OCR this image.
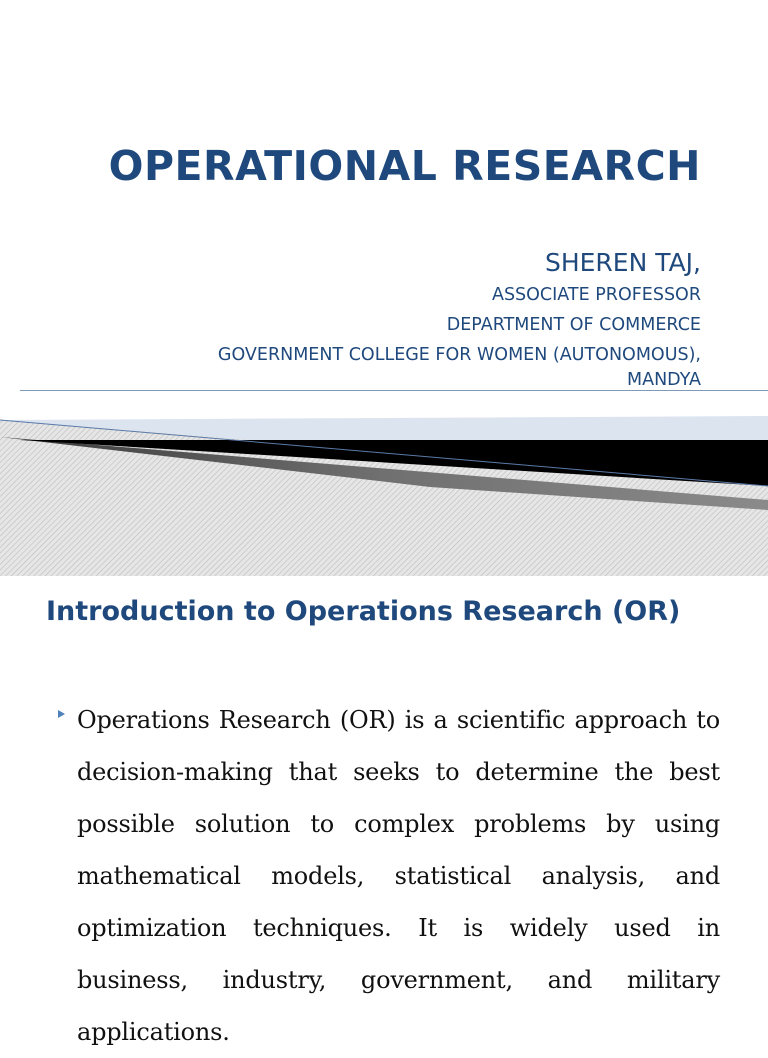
OPERATIONAL RESEARCH
SHEREN TAJ,
ASSOCIATE PROFESSOR
DEPARTMENT OF COMMERCE
GOVERNMENT COLLEGE FOR WOMEN (AUTONOMOUS),
MANDYA
Introduction to Operations Research (OR)

Operations Research (OR) is a scientific approach to decision-making that seeks to determine the best possible solution to complex problems by using mathematical models, statistical analysis, and optimization techniques. It is widely used in business, industry, government, and military applications.
